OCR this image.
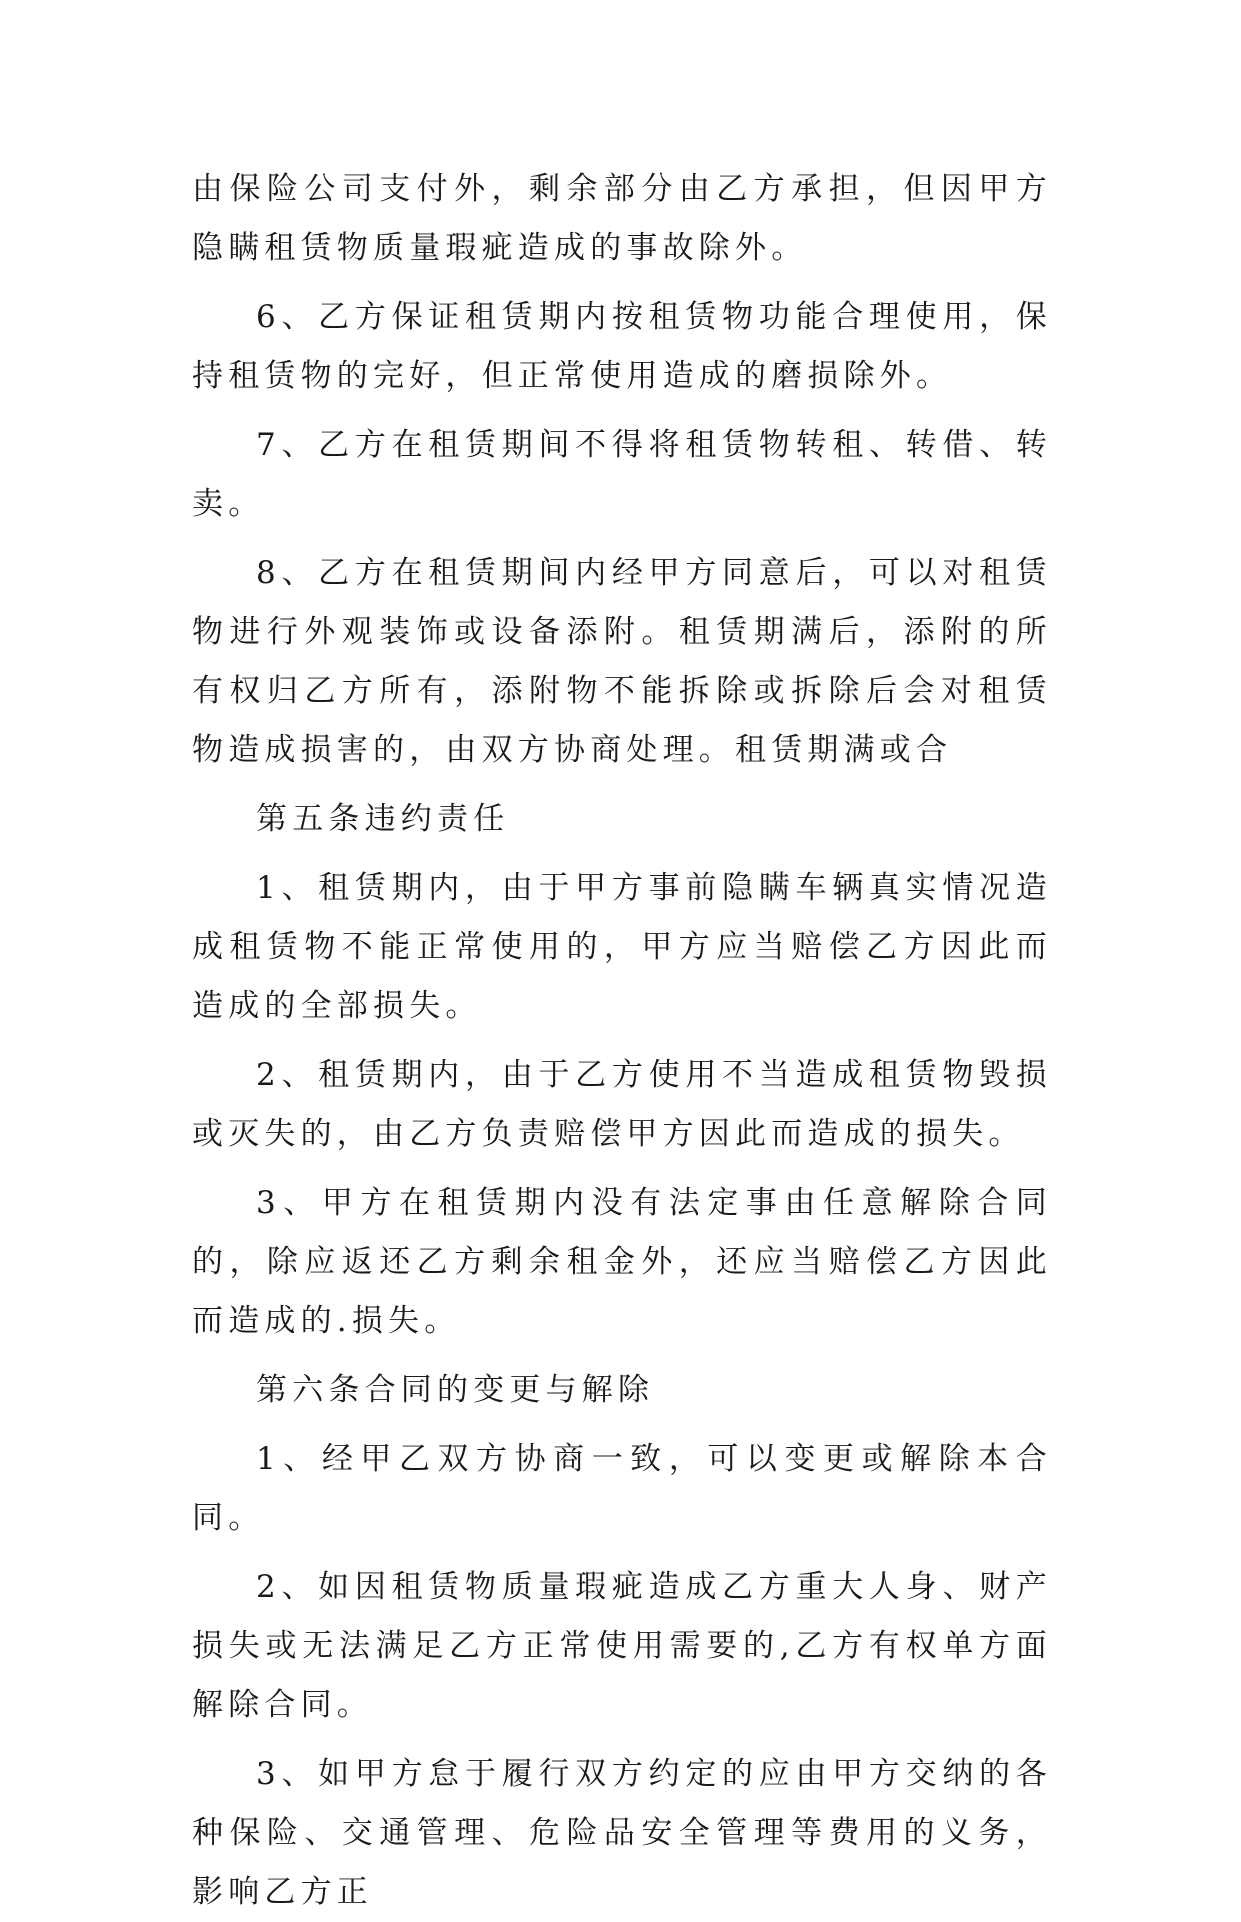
由保险公司支付外，剩余部分由乙方承担，但因甲方隐瞒租赁物质量瑕疵造成的事故除外。

6、乙方保证租赁期内按租赁物功能合理使用，保持租赁物的完好，但正常使用造成的磨损除外。

7、乙方在租赁期间不得将租赁物转租、转借、转卖。

8、乙方在租赁期间内经甲方同意后，可以对租赁物进行外观装饰或设备添附。租赁期满后，添附的所有权归乙方所有，添附物不能拆除或拆除后会对租赁物造成损害的，由双方协商处理。租赁期满或合

第五条违约责任

1、租赁期内，由于甲方事前隐瞒车辆真实情况造成租赁物不能正常使用的，甲方应当赔偿乙方因此而造成的全部损失。

2、租赁期内，由于乙方使用不当造成租赁物毁损或灭失的，由乙方负责赔偿甲方因此而造成的损失。

3、甲方在租赁期内没有法定事由任意解除合同的，除应返还乙方剩余租金外，还应当赔偿乙方因此而造成的.损失。

第六条合同的变更与解除

1、经甲乙双方协商一致，可以变更或解除本合同。

2、如因租赁物质量瑕疵造成乙方重大人身、财产损失或无法满足乙方正常使用需要的,乙方有权单方面解除合同。

3、如甲方怠于履行双方约定的应由甲方交纳的各种保险、交通管理、危险品安全管理等费用的义务，影响乙方正
